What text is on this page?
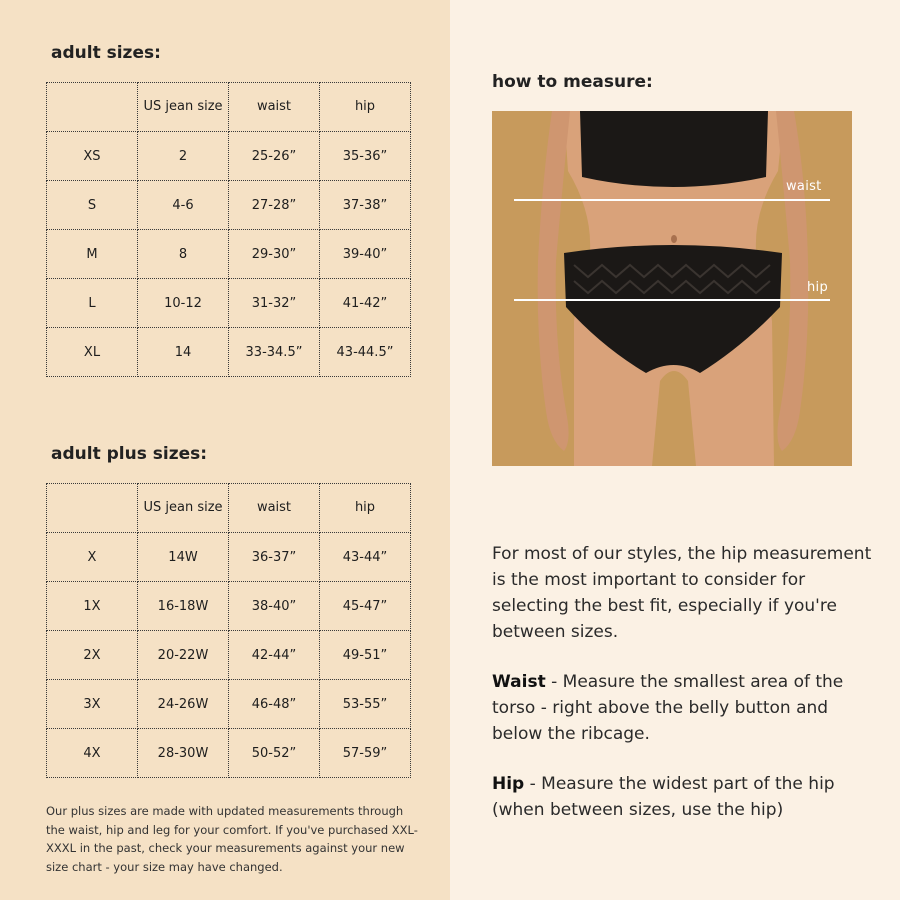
adult sizes:
	US jean size	waist	hip
XS	2	25-26”	35-36”
S	4-6	27-28”	37-38”
M	8	29-30”	39-40”
L	10-12	31-32”	41-42”
XL	14	33-34.5”	43-44.5”
adult plus sizes:
	US jean size	waist	hip
X	14W	36-37”	43-44”
1X	16-18W	38-40”	45-47”
2X	20-22W	42-44”	49-51”
3X	24-26W	46-48”	53-55”
4X	28-30W	50-52”	57-59”

Our plus sizes are made with updated measurements through the waist, hip and leg for your comfort. If you've purchased XXL-XXXL in the past, check your measurements against your new size chart - your size may have changed.

how to measure:
waist
hip

For most of our styles, the hip measurement is the most important to consider for selecting the best fit, especially if you're between sizes.

Waist - Measure the smallest area of the torso - right above the belly button and below the ribcage.

Hip - Measure the widest part of the hip (when between sizes, use the hip)
